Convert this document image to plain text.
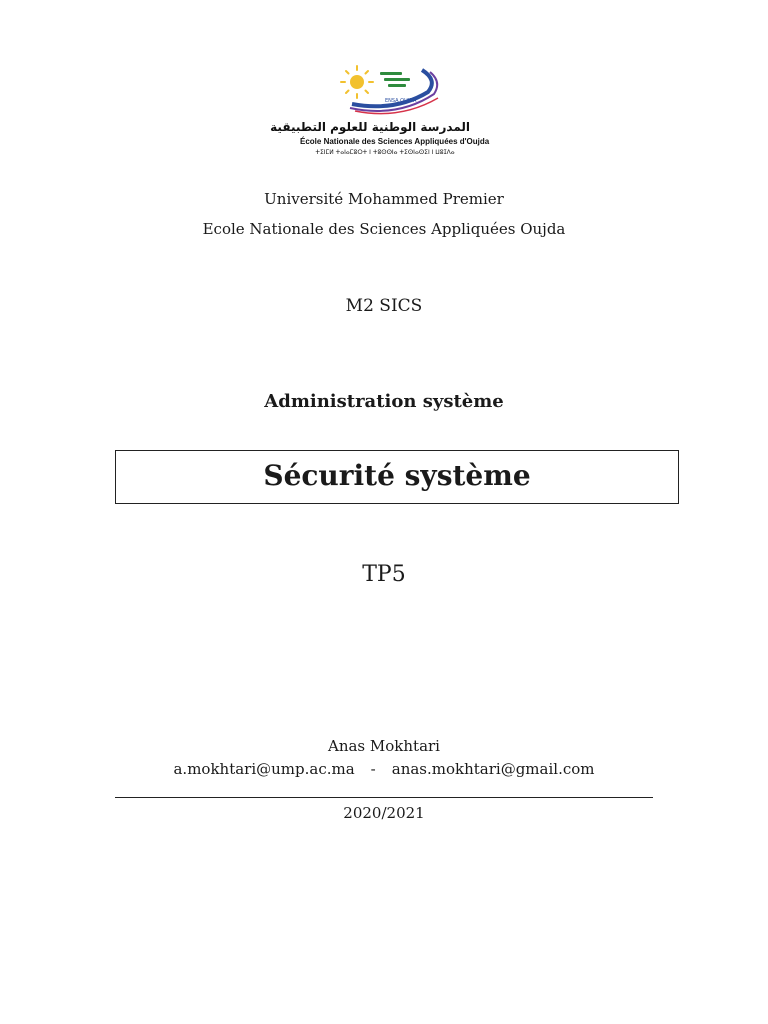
ENSA OUJDA
المدرسة الوطنية للعلوم التطبيقية
École Nationale des Sciences Appliquées d'Oujda
ⵜⵉⵏⵎⵍ ⵜⴰⵏⴰⵎⵓⵔⵜ ⵏ ⵜⵓⵙⵙⵏⴰ ⵜⵉⵙⵏⴰⵙⵉⵏ ⵏ ⵡⵓⵊⴷⴰ
Université Mohammed Premier
Ecole Nationale des Sciences Appliquées Oujda
M2 SICS
Administration système
Sécurité système
TP5
Anas Mokhtari
a.mokhtari@ump.ac.ma - anas.mokhtari@gmail.com
2020/2021
